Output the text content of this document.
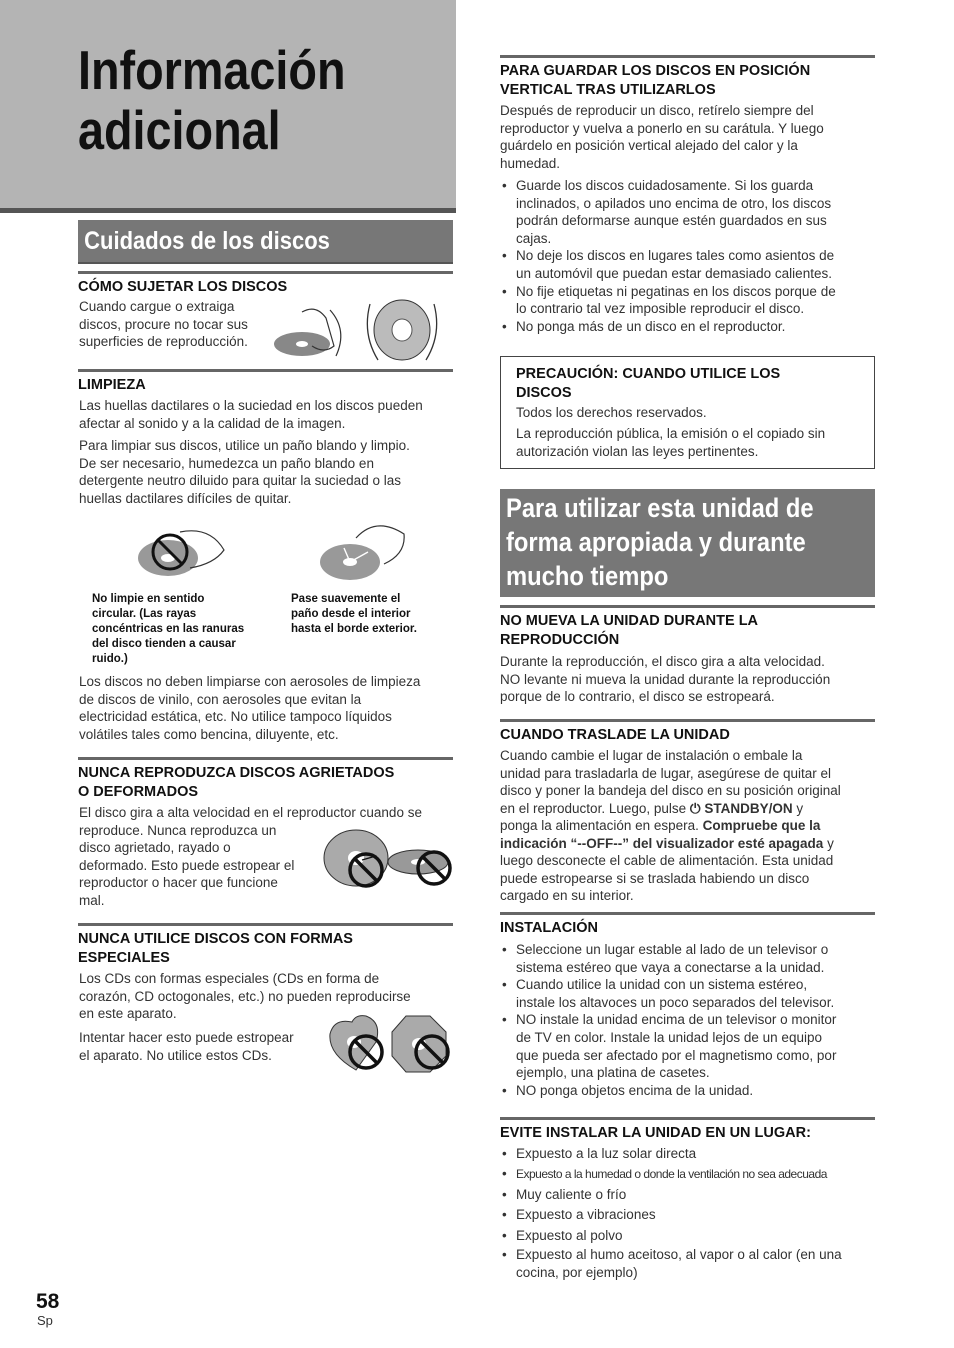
Información
adicional
Cuidados de los discos
CÓMO SUJETAR LOS DISCOS

Cuando cargue o extraiga

discos, procure no tocar sus

superficies de reproducción.

LIMPIEZA

Las huellas dactilares o la suciedad en los discos pueden

afectar al sonido y a la calidad de la imagen.

Para limpiar sus discos, utilice un paño blando y limpio.

De ser necesario, humedezca un paño blando en

detergente neutro diluido para quitar la suciedad o las

huellas dactilares difíciles de quitar.

No limpie en sentido
circular. (Las rayas
concéntricas en las ranuras
del disco tienden a causar
ruido.)
Pase suavemente el
paño desde el interior
hasta el borde exterior.

Los discos no deben limpiarse con aerosoles de limpieza

de discos de vinilo, con aerosoles que evitan la

electricidad estática, etc. No utilice tampoco líquidos

volátiles tales como bencina, diluyente, etc.

NUNCA REPRODUZCA DISCOS AGRIETADOS
O DEFORMADOS

El disco gira a alta velocidad en el reproductor cuando se

reproduce. Nunca reproduzca un

disco agrietado, rayado o

deformado. Esto puede estropear el

reproductor o hacer que funcione

mal.

NUNCA UTILICE DISCOS CON FORMAS
ESPECIALES

Los CDs con formas especiales (CDs en forma de

corazón, CD octogonales, etc.) no pueden reproducirse

en este aparato.

Intentar hacer esto puede estropear

el aparato. No utilice estos CDs.

PARA GUARDAR LOS DISCOS EN POSICIÓN
VERTICAL TRAS UTILIZARLOS

Después de reproducir un disco, retírelo siempre del

reproductor y vuelva a ponerlo en su carátula. Y luego

guárdelo en posición vertical alejado del calor y la

humedad.

• Guarde los discos cuidadosamente. Si los guarda
inclinados, o apilados uno encima de otro, los discos
podrán deformarse aunque estén guardados en sus
cajas.
• No deje los discos en lugares tales como asientos de
un automóvil que puedan estar demasiado calientes.
• No fije etiquetas ni pegatinas en los discos porque de
lo contrario tal vez imposible reproducir el disco.
• No ponga más de un disco en el reproductor.
PRECAUCIÓN: CUANDO UTILICE LOS
DISCOS

Todos los derechos reservados.

La reproducción pública, la emisión o el copiado sin

autorización violan las leyes pertinentes.

Para utilizar esta unidad de
forma apropiada y durante
mucho tiempo
NO MUEVA LA UNIDAD DURANTE LA
REPRODUCCIÓN

Durante la reproducción, el disco gira a alta velocidad.

NO levante ni mueva la unidad durante la reproducción

porque de lo contrario, el disco se estropeará.

CUANDO TRASLADE LA UNIDAD

Cuando cambie el lugar de instalación o embale la

unidad para trasladarla de lugar, asegúrese de quitar el

disco y poner la bandeja del disco en su posición original

en el reproductor. Luego, pulse ⏻ STANDBY/ON y

ponga la alimentación en espera. Compruebe que la

indicación “--OFF--” del visualizador esté apagada y

luego desconecte el cable de alimentación. Esta unidad

puede estropearse si se traslada habiendo un disco

cargado en su interior.

INSTALACIÓN
• Seleccione un lugar estable al lado de un televisor o
sistema estéreo que vaya a conectarse a la unidad.
• Cuando utilice la unidad con un sistema estéreo,
instale los altavoces un poco separados del televisor.
• NO instale la unidad encima de un televisor o monitor
de TV en color. Instale la unidad lejos de un equipo
que pueda ser afectado por el magnetismo como, por
ejemplo, una platina de casetes.
• NO ponga objetos encima de la unidad.
EVITE INSTALAR LA UNIDAD EN UN LUGAR:
• Expuesto a la luz solar directa
• Expuesto a la humedad o donde la ventilación no sea adecuada
• Muy caliente o frío
• Expuesto a vibraciones
• Expuesto al polvo
• Expuesto al humo aceitoso, al vapor o al calor (en una
cocina, por ejemplo)
58
Sp
